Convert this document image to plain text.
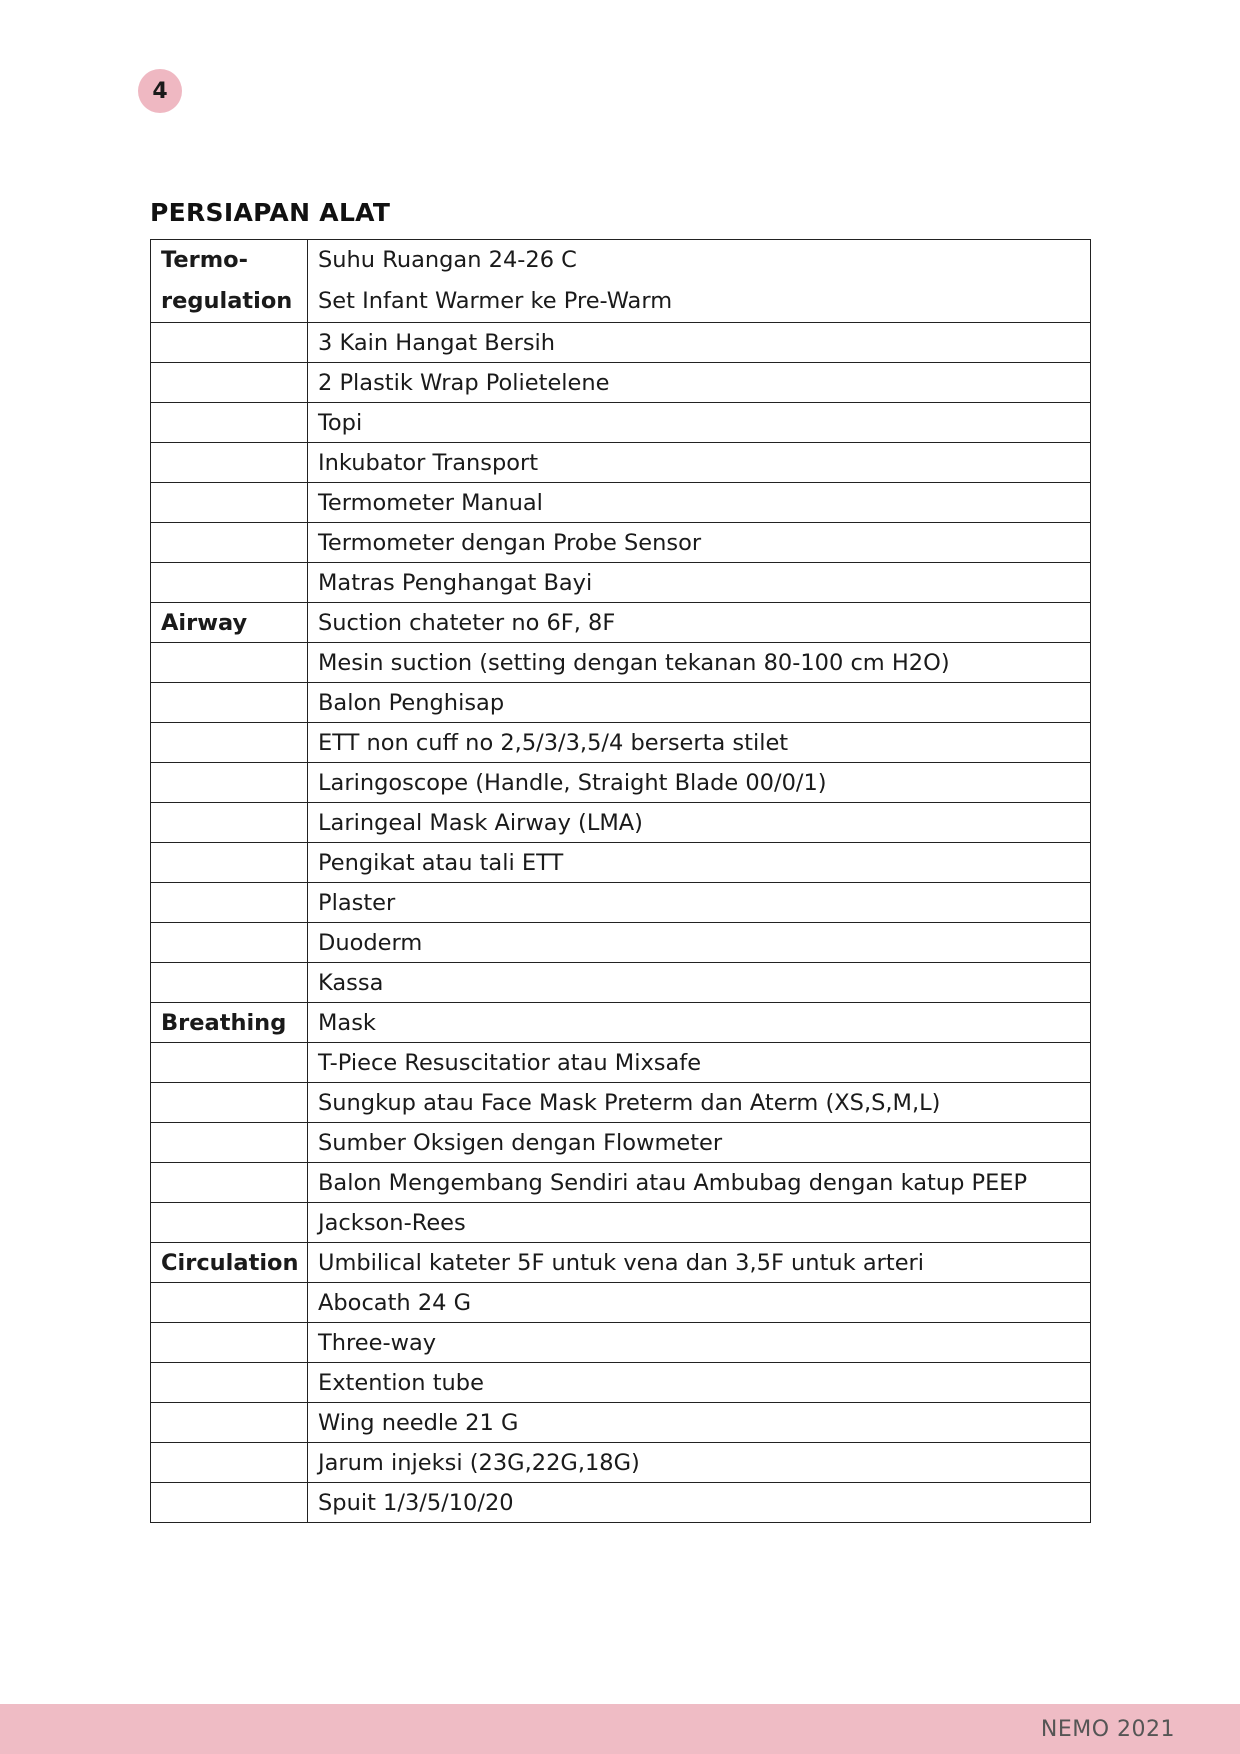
4
PERSIAPAN ALAT
Termo-
regulation	Suhu Ruangan 24-26 C
Set Infant Warmer ke Pre-Warm
	3 Kain Hangat Bersih
	2 Plastik Wrap Polietelene
	Topi
	Inkubator Transport
	Termometer Manual
	Termometer dengan Probe Sensor
	Matras Penghangat Bayi
Airway	Suction chateter no 6F, 8F
	Mesin suction (setting dengan tekanan 80-100 cm H2O)
	Balon Penghisap
	ETT non cuff no 2,5/3/3,5/4 berserta stilet
	Laringoscope (Handle, Straight Blade 00/0/1)
	Laringeal Mask Airway (LMA)
	Pengikat atau tali ETT
	Plaster
	Duoderm
	Kassa
Breathing	Mask
	T-Piece Resuscitatior atau Mixsafe
	Sungkup atau Face Mask Preterm dan Aterm (XS,S,M,L)
	Sumber Oksigen dengan Flowmeter
	Balon Mengembang Sendiri atau Ambubag dengan katup PEEP
	Jackson-Rees
Circulation	Umbilical kateter 5F untuk vena dan 3,5F untuk arteri
	Abocath 24 G
	Three-way
	Extention tube
	Wing needle 21 G
	Jarum injeksi (23G,22G,18G)
	Spuit 1/3/5/10/20
NEMO 2021
